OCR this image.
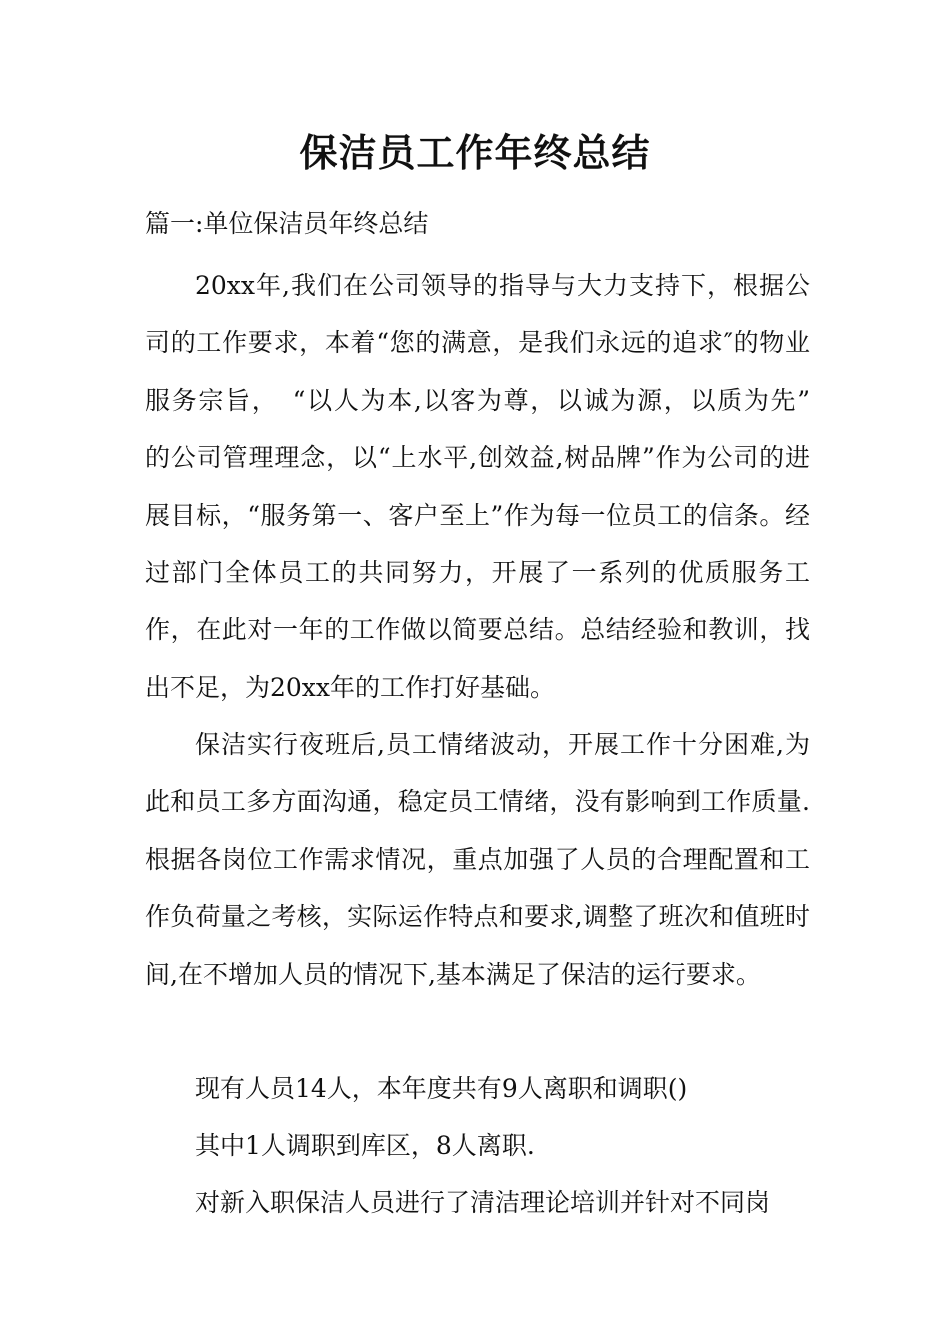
保洁员工作年终总结
篇一:单位保洁员年终总结

20xx年,我们在公司领导的指导与大力支持下，根据公司的工作要求，本着“您的满意，是我们永远的追求″的物业服务宗旨，　“以人为本,以客为尊，以诚为源，以质为先”　的公司管理理念，以“上水平,创效益,树品牌”作为公司的进展目标，“服务第一、客户至上”作为每一位员工的信条。经过部门全体员工的共同努力，开展了一系列的优质服务工作，在此对一年的工作做以简要总结。总结经验和教训，找出不足，为20xx年的工作打好基础。

保洁实行夜班后,员工情绪波动，开展工作十分困难,为此和员工多方面沟通，稳定员工情绪，没有影响到工作质量.根据各岗位工作需求情况，重点加强了人员的合理配置和工作负荷量之考核，实际运作特点和要求,调整了班次和值班时间,在不增加人员的情况下,基本满足了保洁的运行要求。

现有人员14人，本年度共有9人离职和调职()

其中1人调职到库区，8人离职.

对新入职保洁人员进行了清洁理论培训并针对不同岗
